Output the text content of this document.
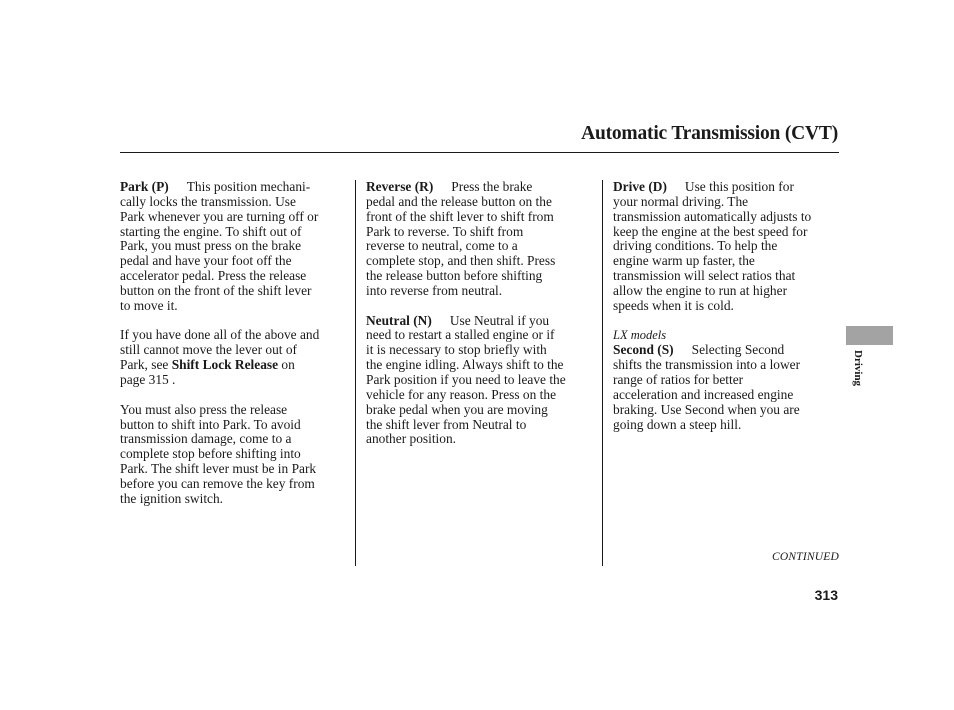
Automatic Transmission (CVT)

Park (P) This position mechani-
cally locks the transmission. Use
Park whenever you are turning off or
starting the engine. To shift out of
Park, you must press on the brake
pedal and have your foot off the
accelerator pedal. Press the release
button on the front of the shift lever
to move it.

If you have done all of the above and
still cannot move the lever out of
Park, see Shift Lock Release on
page 315 .

You must also press the release
button to shift into Park. To avoid
transmission damage, come to a
complete stop before shifting into
Park. The shift lever must be in Park
before you can remove the key from
the ignition switch.

Reverse (R) Press the brake
pedal and the release button on the
front of the shift lever to shift from
Park to reverse. To shift from
reverse to neutral, come to a
complete stop, and then shift. Press
the release button before shifting
into reverse from neutral.

Neutral (N) Use Neutral if you
need to restart a stalled engine or if
it is necessary to stop briefly with
the engine idling. Always shift to the
Park position if you need to leave the
vehicle for any reason. Press on the
brake pedal when you are moving
the shift lever from Neutral to
another position.

Drive (D) Use this position for
your normal driving. The
transmission automatically adjusts to
keep the engine at the best speed for
driving conditions. To help the
engine warm up faster, the
transmission will select ratios that
allow the engine to run at higher
speeds when it is cold.

LX models

Second (S) Selecting Second
shifts the transmission into a lower
range of ratios for better
acceleration and increased engine
braking. Use Second when you are
going down a steep hill.

Driving
CONTINUED
313
